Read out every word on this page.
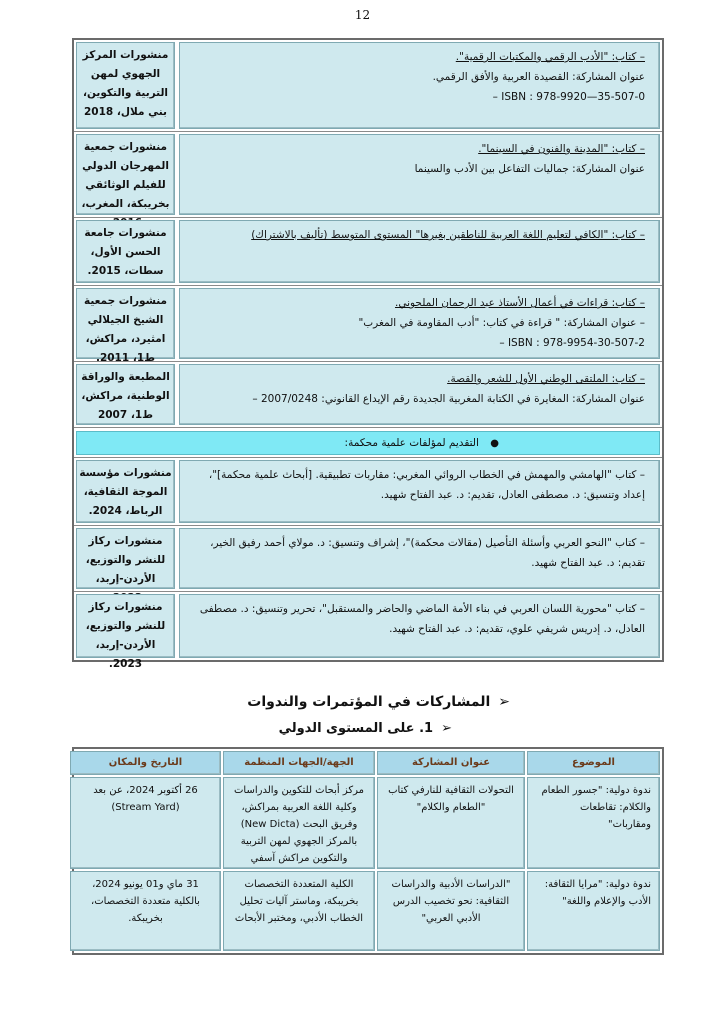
12
منشورات المركز الجهوي لمهن التربية والتكوين، بني ملال، 2018
– كتاب: "الأدب الرقمي والمكتبات الرقمية".
عنوان المشاركة: القصيدة العربية والأفق الرقمي.
ISBN : 978-9920—35-507-0 –
منشورات جمعية المهرجان الدولي للفيلم الوثائقي بخريبكة، المغرب،
– كتاب: "المدينة والفنون في السينما".
عنوان المشاركة: جماليات التفاعل بين الأدب والسينما
منشورات جامعة الحسن الأول، سطات، 2015.
– كتاب: "الكافي لتعليم اللغة العربية للناطقين بغيرها" المستوى المتوسط (تأليف بالاشتراك)
منشورات جمعية الشيخ الجيلالي امثيرد، مراكش، ط1، 2011.
– كتاب: قراءات في أعمال الأستاذ عبد الرحمان الملحوني.
– عنوان المشاركة: " قراءة في كتاب: "أدب المقاومة في المغرب"
ISBN : 978-9954-30-507-2 –
المطبعة والوراقة الوطنية، مراكش، ط1، 2007
– كتاب: الملتقى الوطني الأول للشعر والقصة.
عنوان المشاركة: المغايرة في الكتابة المغربية الجديدة رقم الإيداع القانوني: 2007/0248 –
● التقديم لمؤلفات علمية محكمة:
منشورات مؤسسة الموجة الثقافية، الرباط، 2024.
– كتاب "الهامشي والمهمش في الخطاب الروائي المغربي: مقاربات تطبيقية. [أبحاث علمية محكمة]"،
إعداد وتنسيق: د. مصطفى العادل، تقديم: د. عبد الفتاح شهيد.
منشورات ركاز للنشر والتوزيع، الأردن-إربد،
– كتاب "النحو العربي وأسئلة التأصيل (مقالات محكمة)"، إشراف وتنسيق: د. مولاي أحمد رفيق الخير،
تقديم: د. عبد الفتاح شهيد.
منشورات ركاز للنشر والتوزيع، الأردن-إربد، 2023.
– كتاب "محورية اللسان العربي في بناء الأمة الماضي والحاضر والمستقبل"، تحرير وتنسيق: د. مصطفى
العادل، د. إدريس شريفي علوي، تقديم: د. عبد الفتاح شهيد.
➢المشاركات في المؤتمرات والندوات
➢1. على المستوى الدولي
الموضوع
عنوان المشاركة
الجهة/الجهات المنظمة
التاريخ والمكان
ندوة دولية: "جسور الطعام والكلام: تقاطعات ومقاربات"
التحولات الثقافية للنارفي كتاب "الطعام والكلام"
مركز أبحاث للتكوين والدراسات وكلية اللغة العربية بمراكش، وفريق البحث (New Dicta) بالمركز الجهوي لمهن التربية والتكوين مراكش آسفي
26 أكتوبر 2024، عن بعد (Stream Yard)
ندوة دولية: "مرايا الثقافة: الأدب والإعلام واللغة"
"الدراسات الأدبية والدراسات الثقافية: نحو تخصيب الدرس الأدبي العربي"
الكلية المتعددة التخصصات بخريبكة، وماستر آليات تحليل الخطاب الأدبي، ومختبر الأبحاث
31 ماي و01 يونيو 2024، بالكلية متعددة التخصصات، بخريبكة.
